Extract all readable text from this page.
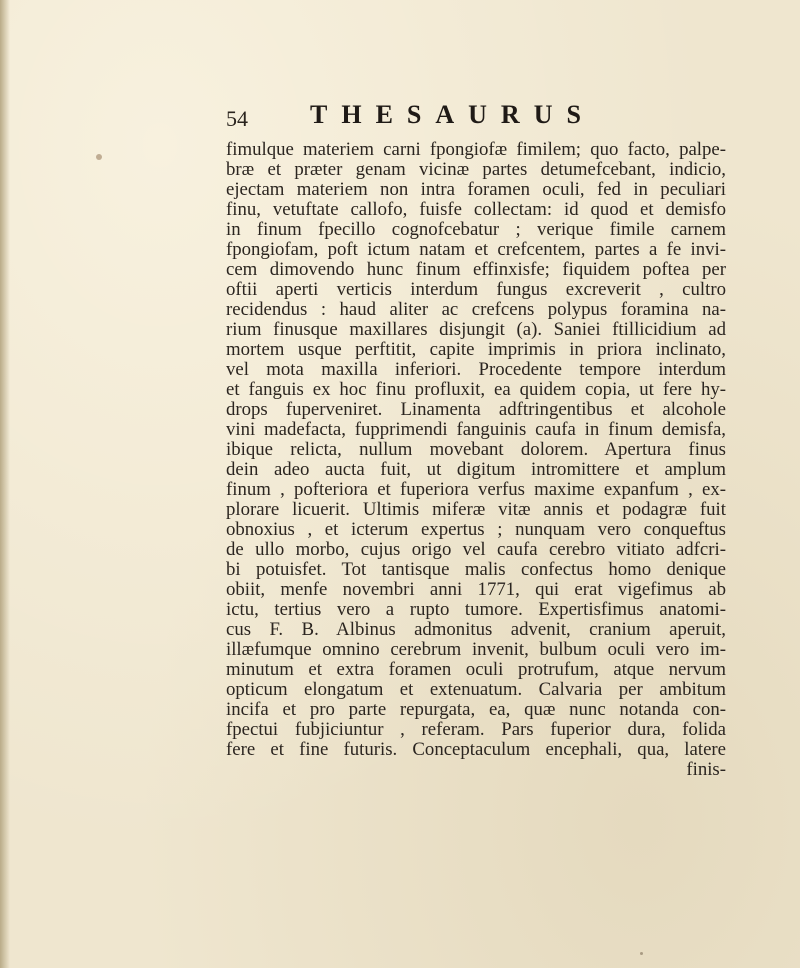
54 THESAURUS
fimulque materiem carni fpongiofæ fimilem; quo facto, palpe-
bræ et præter genam vicinæ partes detumefcebant, indicio,
ejectam materiem non intra foramen oculi, fed in peculiari
finu, vetuftate callofo, fuisfe collectam: id quod et demisfo
in finum fpecillo cognofcebatur ; verique fimile carnem
fpongiofam, poft ictum natam et crefcentem, partes a fe invi-
cem dimovendo hunc finum effinxisfe; fiquidem poftea per
oftii aperti verticis interdum fungus excreverit , cultro
recidendus : haud aliter ac crefcens polypus foramina na-
rium finusque maxillares disjungit (a). Saniei ftillicidium ad
mortem usque perftitit, capite imprimis in priora inclinato,
vel mota maxilla inferiori. Procedente tempore interdum
et fanguis ex hoc finu profluxit, ea quidem copia, ut fere hy-
drops fuperveniret. Linamenta adftringentibus et alcohole
vini madefacta, fupprimendi fanguinis caufa in finum demisfa,
ibique relicta, nullum movebant dolorem. Apertura finus
dein adeo aucta fuit, ut digitum intromittere et amplum
finum , pofteriora et fuperiora verfus maxime expanfum , ex-
plorare licuerit. Ultimis miferæ vitæ annis et podagræ fuit
obnoxius , et icterum expertus ; nunquam vero conqueftus
de ullo morbo, cujus origo vel caufa cerebro vitiato adfcri-
bi potuisfet. Tot tantisque malis confectus homo denique
obiit, menfe novembri anni 1771, qui erat vigefimus ab
ictu, tertius vero a rupto tumore. Expertisfimus anatomi-
cus F. B. Albinus admonitus advenit, cranium aperuit,
illæfumque omnino cerebrum invenit, bulbum oculi vero im-
minutum et extra foramen oculi protrufum, atque nervum
opticum elongatum et extenuatum. Calvaria per ambitum
incifa et pro parte repurgata, ea, quæ nunc notanda con-
fpectui fubjiciuntur , referam. Pars fuperior dura, folida
fere et fine futuris. Conceptaculum encephali, qua, latere
finis-
